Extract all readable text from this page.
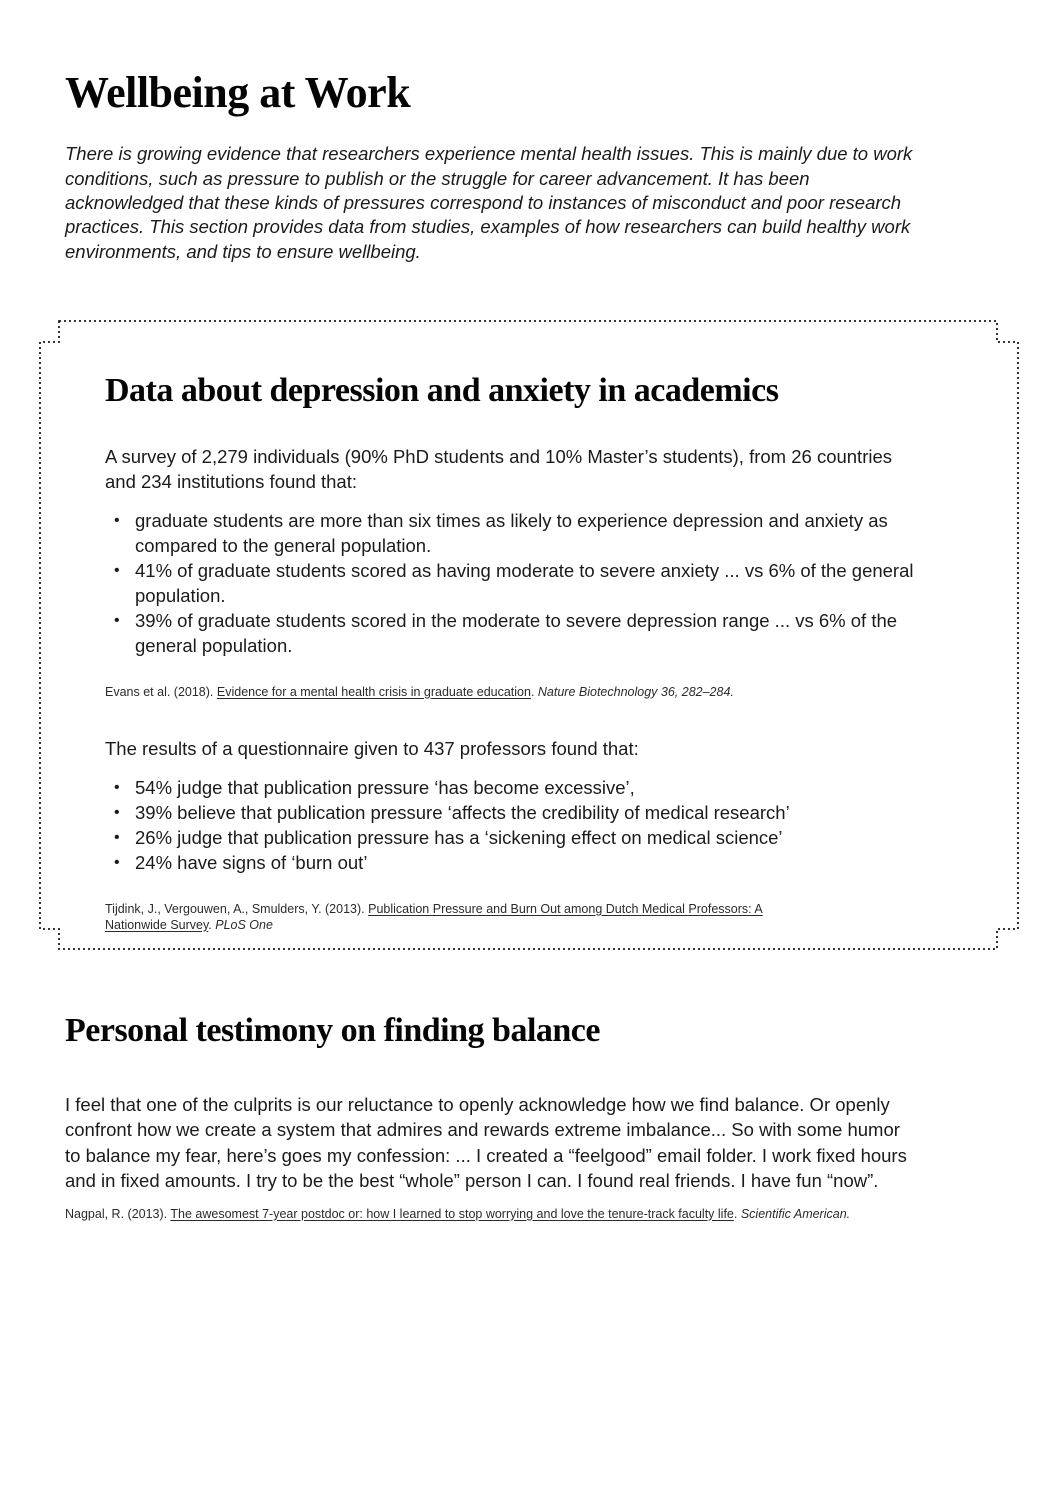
Wellbeing at Work

There is growing evidence that researchers experience mental health issues. This is mainly due to work conditions, such as pressure to publish or the struggle for career advancement. It has been acknowledged that these kinds of pressures correspond to instances of misconduct and poor research practices. This section provides data from studies, examples of how researchers can build healthy work environments, and tips to ensure wellbeing.

Data about depression and anxiety in academics

A survey of 2,279 individuals (90% PhD students and 10% Master’s students), from 26 countries and 234 institutions found that:

• graduate students are more than six times as likely to experience depression and anxiety as compared to the general population.
• 41% of graduate students scored as having moderate to severe anxiety ... vs 6% of the general population.
• 39% of graduate students scored in the moderate to severe depression range ... vs 6% of the general population.

Evans et al. (2018). Evidence for a mental health crisis in graduate education. Nature Biotechnology 36, 282–284.

The results of a questionnaire given to 437 professors found that:

• 54% judge that publication pressure ‘has become excessive’,
• 39% believe that publication pressure ‘affects the credibility of medical research’
• 26% judge that publication pressure has a ‘sickening effect on medical science’
• 24% have signs of ‘burn out’

Tijdink, J., Vergouwen, A., Smulders, Y. (2013). Publication Pressure and Burn Out among Dutch Medical Professors: A Nationwide Survey. PLoS One

Personal testimony on finding balance

I feel that one of the culprits is our reluctance to openly acknowledge how we find balance. Or openly confront how we create a system that admires and rewards extreme imbalance... So with some humor to balance my fear, here’s goes my confession: ... I created a “feelgood” email folder. I work fixed hours and in fixed amounts. I try to be the best “whole” person I can. I found real friends. I have fun “now”.

Nagpal, R. (2013). The awesomest 7-year postdoc or: how I learned to stop worrying and love the tenure-track faculty life. Scientific American.
